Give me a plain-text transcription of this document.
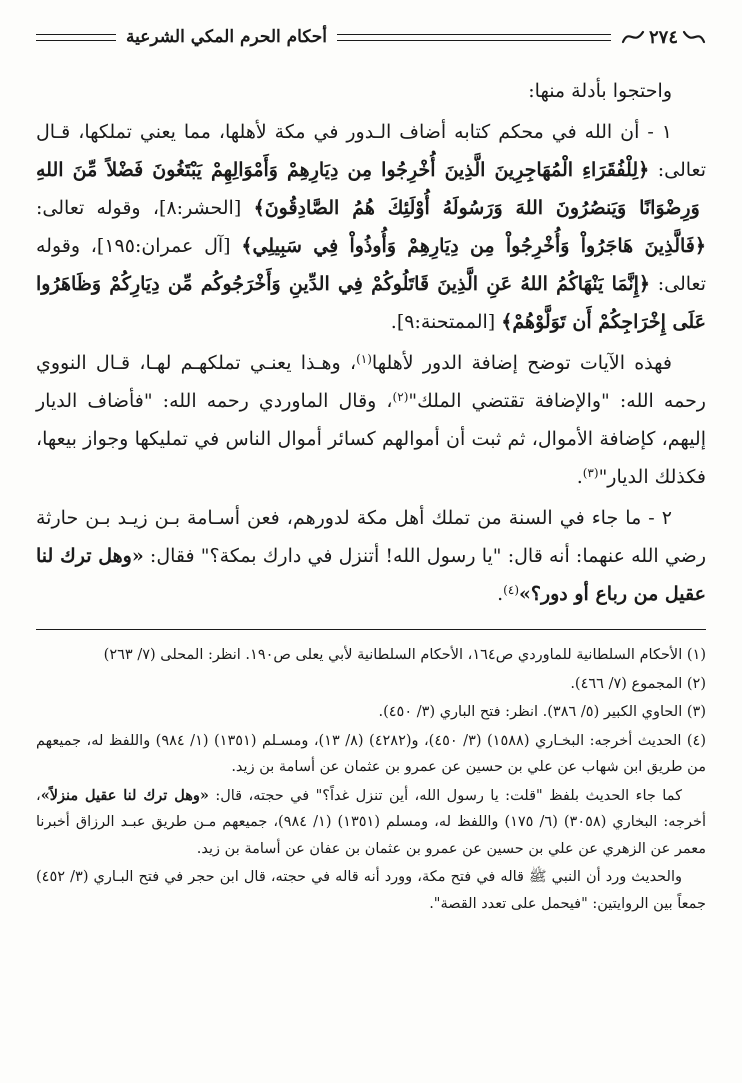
أحكام الحرم المكي الشرعية	٢٧٤

واحتجوا بأدلة منها:

١ - أن الله في محكم كتابه أضاف الـدور في مكة لأهلها، مما يعني تملكها، قـال تعالى: ﴿لِلْفُقَرَاءِ الْمُهَاجِرِينَ الَّذِينَ أُخْرِجُوا مِن دِيَارِهِمْ وَأَمْوَالِهِمْ يَبْتَغُونَ فَضْلاً مِّنَ اللهِ وَرِضْوَانًا وَيَنصُرُونَ اللهَ وَرَسُولَهُ أُوْلَئِكَ هُمُ الصَّادِقُونَ﴾ [الحشر:٨]، وقوله تعالى: ﴿فَالَّذِينَ هَاجَرُواْ وَأُخْرِجُواْ مِن دِيَارِهِمْ وَأُوذُواْ فِي سَبِيلِي﴾ [آل عمران:١٩٥]، وقوله تعالى: ﴿إِنَّمَا يَنْهَاكُمُ اللهُ عَنِ الَّذِينَ قَاتَلُوكُمْ فِي الدِّينِ وَأَخْرَجُوكُم مِّن دِيَارِكُمْ وَظَاهَرُوا عَلَى إِخْرَاجِكُمْ أَن تَوَلَّوْهُمْ﴾ [الممتحنة:٩].

فهذه الآيات توضح إضافة الدور لأهلها$^{(١)}$، وهـذا يعنـي تملكهـم لهـا، قـال النووي رحمه الله: "والإضافة تقتضي الملك"$^{(٢)}$، وقال الماوردي رحمه الله: "فأضاف الديار إليهم، كإضافة الأموال، ثم ثبت أن أموالهم كسائر أموال الناس في تمليكها وجواز بيعها، فكذلك الديار"$^{(٣)}$.

٢ - ما جاء في السنة من تملك أهل مكة لدورهم، فعن أسـامة بـن زيـد بـن حارثة رضي الله عنهما: أنه قال: "يا رسول الله! أتنزل في دارك بمكة؟" فقال: «وهل ترك لنا عقيل من رباع أو دور؟»$^{(٤)}$.

(١) الأحكام السلطانية للماوردي ص١٦٤، الأحكام السلطانية لأبي يعلى ص١٩٠. انظر: المحلى (٧/ ٢٦٣)

(٢) المجموع (٧/ ٤٦٦).

(٣) الحاوي الكبير (٥/ ٣٨٦). انظر: فتح الباري (٣/ ٤٥٠).

(٤) الحديث أخرجه: البخـاري (١٥٨٨) (٣/ ٤٥٠)، و(٤٢٨٢) (٨/ ١٣)، ومسـلم (١٣٥١) (١/ ٩٨٤) واللفظ له، جميعهم من طريق ابن شهاب عن علي بن حسين عن عمرو بن عثمان عن أسامة بن زيد.

كما جاء الحديث بلفظ "قلت: يا رسول الله، أين تنزل غداً؟" في حجته، قال: «وهل ترك لنا عقيل منزلاً»، أخرجه: البخاري (٣٠٥٨) (٦/ ١٧٥) واللفظ له، ومسلم (١٣٥١) (١/ ٩٨٤)، جميعهم مـن طريق عبـد الرزاق أخبرنا معمر عن الزهري عن علي بن حسين عن عمرو بن عثمان بن عفان عن أسامة بن زيد.

والحديث ورد أن النبي ﷺ قاله في فتح مكة، وورد أنه قاله في حجته، قال ابن حجر في فتح البـاري (٣/ ٤٥٢) جمعاً بين الروايتين: "فيحمل على تعدد القصة".
